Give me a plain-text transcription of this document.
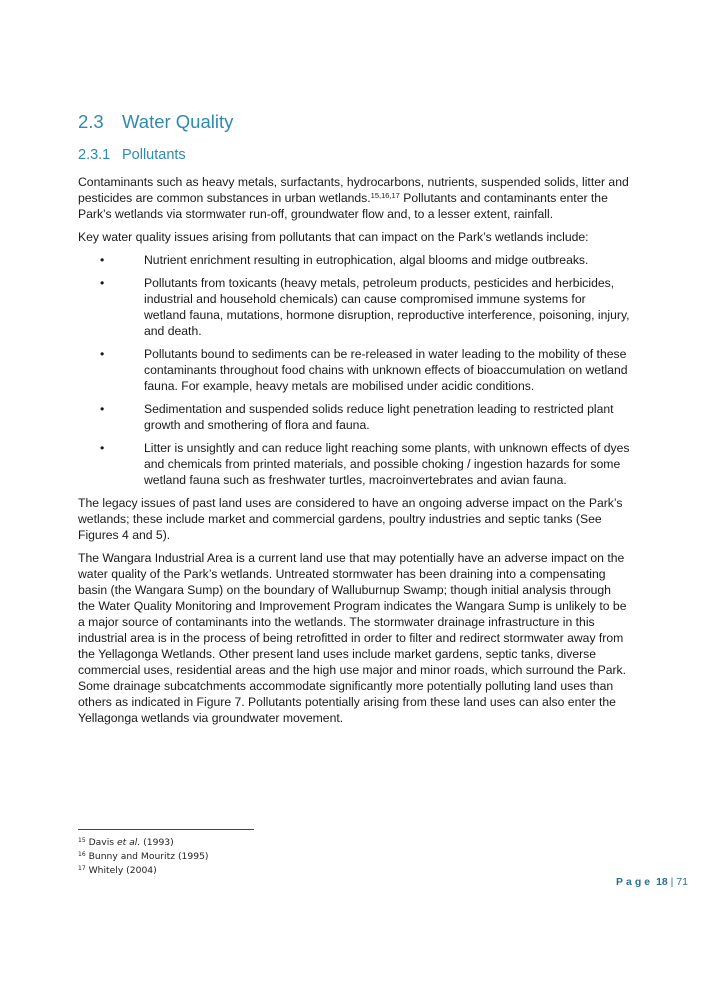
2.3 Water Quality
2.3.1 Pollutants

Contaminants such as heavy metals, surfactants, hydrocarbons, nutrients, suspended solids, litter and pesticides are common substances in urban wetlands.$^{15,16,17}$ Pollutants and contaminants enter the Park’s wetlands via stormwater run-off, groundwater flow and, to a lesser extent, rainfall.

Key water quality issues arising from pollutants that can impact on the Park’s wetlands include:

•	Nutrient enrichment resulting in eutrophication, algal blooms and midge outbreaks.
•	Pollutants from toxicants (heavy metals, petroleum products, pesticides and herbicides, industrial and household chemicals) can cause compromised immune systems for wetland fauna, mutations, hormone disruption, reproductive interference, poisoning, injury, and death.
•	Pollutants bound to sediments can be re-released in water leading to the mobility of these contaminants throughout food chains with unknown effects of bioaccumulation on wetland fauna. For example, heavy metals are mobilised under acidic conditions.
•	Sedimentation and suspended solids reduce light penetration leading to restricted plant growth and smothering of flora and fauna.
•	Litter is unsightly and can reduce light reaching some plants, with unknown effects of dyes and chemicals from printed materials, and possible choking / ingestion hazards for some wetland fauna such as freshwater turtles, macroinvertebrates and avian fauna.

The legacy issues of past land uses are considered to have an ongoing adverse impact on the Park’s wetlands; these include market and commercial gardens, poultry industries and septic tanks (See Figures 4 and 5).

The Wangara Industrial Area is a current land use that may potentially have an adverse impact on the water quality of the Park’s wetlands. Untreated stormwater has been draining into a compensating basin (the Wangara Sump) on the boundary of Walluburnup Swamp; though initial analysis through the Water Quality Monitoring and Improvement Program indicates the Wangara Sump is unlikely to be a major source of contaminants into the wetlands. The stormwater drainage infrastructure in this industrial area is in the process of being retrofitted in order to filter and redirect stormwater away from the Yellagonga Wetlands. Other present land uses include market gardens, septic tanks, diverse commercial uses, residential areas and the high use major and minor roads, which surround the Park. Some drainage subcatchments accommodate significantly more potentially polluting land uses than others as indicated in Figure 7. Pollutants potentially arising from these land uses can also enter the Yellagonga wetlands via groundwater movement.

$^{15}$ Davis et al. (1993)
$^{16}$ Bunny and Mouritz (1995)
$^{17}$ Whitely (2004)
Page 18 | 71
